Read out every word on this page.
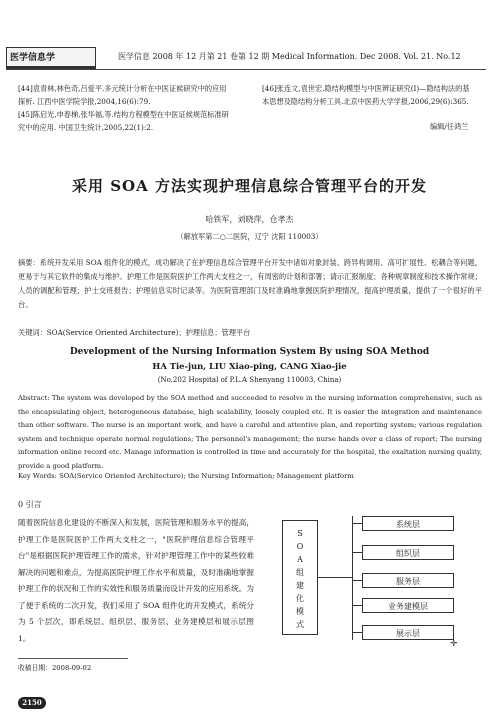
医学信息学	医学信息 2008 年 12 月第 21 卷第 12 期 Medical Information. Dec 2008. Vol. 21. No.12
[44]袁青林,林色奇,吕爱平.多元统计分析在中医证候研究中的应用
探析. 江西中医学院学报,2004,16(6):79.
[45]陈启光,申春梯,张华福,等.结构方程模型在中医证候规范标准研
究中的应用. 中国卫生统计,2005,22(1):2.
[46]张连文,袁世宏.隐结构模型与中医辨证研究(I)—隐结构法的基
本思想及隐结构分析工具.北京中医药大学学报,2006,29(6):365.
编辑/任鸿兰
采用 SOA 方法实现护理信息综合管理平台的开发
哈铁军，刘晓萍，仓孝杰
（解放军第二○二医院，辽宁 沈阳 110003）
摘要：系统开发采用 SOA 组件化的模式，成功解决了在护理信息综合管理平台开发中诸如对象封装、跨异构调用、高可扩展性、松耦合等问题，更易于与其它软件的集成与维护。护理工作是医院医护工作两大支柱之一，有周密的计划和部署；请示汇报制度；各种规章制度和技术操作常规；人员的调配和管理；护士交班报告；护理信息实时记录等。为医院管理部门及时准确地掌握医院护理情况，提高护理质量，提供了一个很好的平台。
关键词：SOA(Service Oriented Architecture)；护理信息；管理平台
Development of the Nursing Information System By using SOA Method
HA Tie-jun, LIU Xiao-ping, CANG Xiao-jie
(No.202 Hospital of P.L.A Shenyang 110003, China)
Abstract: The system was developed by the SOA method and succeeded to resolve in the nursing information comprehensive, such as the encapsulating object, heterogeneous database, high scalability, loosely coupled etc. It is easier the integration and maintenance than other software. The nurse is an important work, and have a careful and attentive plan, and reporting system; various regulation system and technique operate normal regulations; The personnel's management; the nurse hands over a class of report; The nursing information online record etc. Manage information is controlled in time and accurately for the hospital, the exaltation nursing quality, provide a good platform.
Key Words: SOA(Service Oriented Architecture); the Nursing Information; Management platform
0 引言
随着医院信息化建设的不断深入和发展，医院管理和服务水平的提高，护理工作是医院医护工作两大支柱之一，"医院护理信息综合管理平台"是根据医院护理管理工作的需求，针对护理管理工作中的某些较难解决的问题和难点，为提高医院护理工作水平和质量，及时准确地掌握护理工作的状况和工作的实效性和服务质量而设计开发的应用系统。为了便于系统的二次开发，我们采用了 SOA 组件化的开发模式，系统分为 5 个层次，即系统层、组织层、服务层、业务建模层和展示层图 1。
收稿日期：2008-09-02
2150
SOA组建化模式
系统层
组织层
服务层
业务建模层
展示层
✛
